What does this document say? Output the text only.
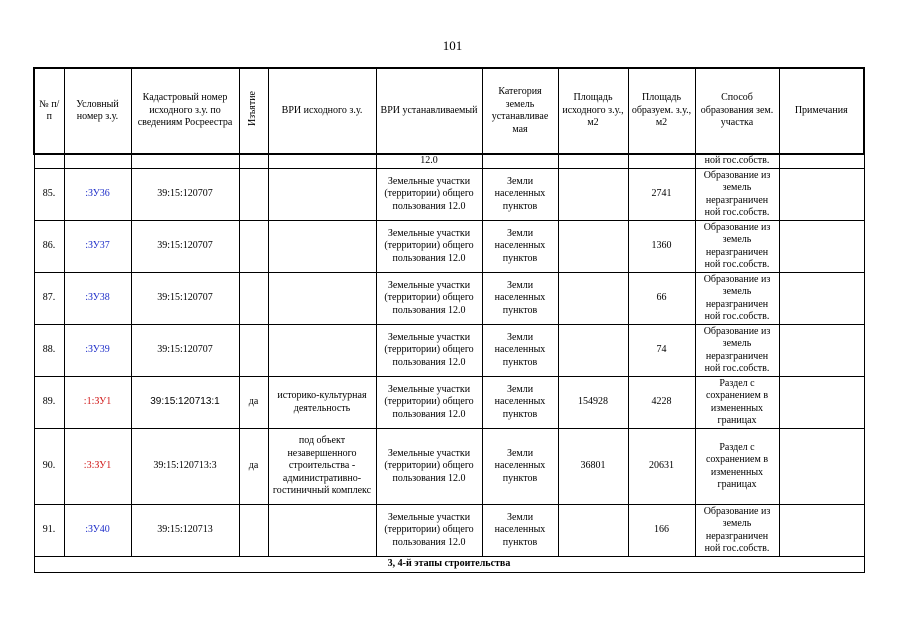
101
№ п/п	Условный номер з.у.	Кадастровый номер исходного з.у. по сведениям Росреестра	Изъятие	ВРИ исходного з.у.	ВРИ устанавливаемый	Категория земель устанавливае мая	Площадь исходного з.у., м2	Площадь образуем. з.у., м2	Способ образования зем. участка	Примечания
					12.0				ной гос.собств.	
85.	:ЗУ36	39:15:120707			Земельные участки (территории) общего пользования 12.0	Земли населенных пунктов		2741	Образование из земель неразграничен ной гос.собств.	
86.	:ЗУ37	39:15:120707			Земельные участки (территории) общего пользования 12.0	Земли населенных пунктов		1360	Образование из земель неразграничен ной гос.собств.	
87.	:ЗУ38	39:15:120707			Земельные участки (территории) общего пользования 12.0	Земли населенных пунктов		66	Образование из земель неразграничен ной гос.собств.	
88.	:ЗУ39	39:15:120707			Земельные участки (территории) общего пользования 12.0	Земли населенных пунктов		74	Образование из земель неразграничен ной гос.собств.	
89.	:1:ЗУ1	39:15:120713:1	да	историко-культурная деятельность	Земельные участки (территории) общего пользования 12.0	Земли населенных пунктов	154928	4228	Раздел с сохранением в измененных границах	
90.	:3:ЗУ1	39:15:120713:3	да	под объект незавершенного строительства - административно-гостиничный комплекс	Земельные участки (территории) общего пользования 12.0	Земли населенных пунктов	36801	20631	Раздел с сохранением в измененных границах	
91.	:ЗУ40	39:15:120713			Земельные участки (территории) общего пользования 12.0	Земли населенных пунктов		166	Образование из земель неразграничен ной гос.собств.	
3, 4-й этапы строительства										
